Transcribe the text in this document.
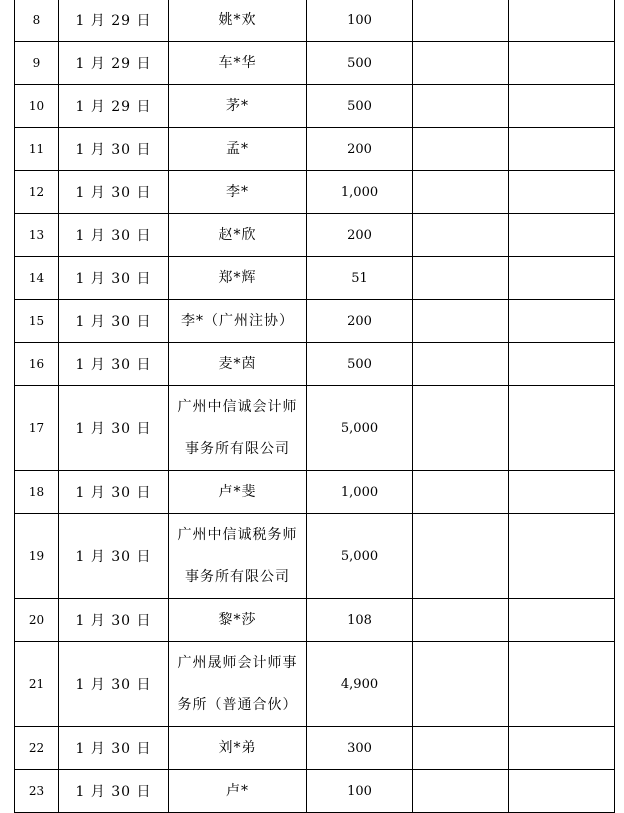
8	1 月 29 日	姚*欢	100		
9	1 月 29 日	车*华	500		
10	1 月 29 日	茅*	500		
11	1 月 30 日	孟*	200		
12	1 月 30 日	李*	1,000		
13	1 月 30 日	赵*欣	200		
14	1 月 30 日	郑*辉	51		
15	1 月 30 日	李*（广州注协）	200		
16	1 月 30 日	麦*茵	500		
17	1 月 30 日	广州中信诚会计师
事务所有限公司	5,000		
18	1 月 30 日	卢*斐	1,000		
19	1 月 30 日	广州中信诚税务师
事务所有限公司	5,000		
20	1 月 30 日	黎*莎	108		
21	1 月 30 日	广州晟师会计师事
务所（普通合伙）	4,900		
22	1 月 30 日	刘*弟	300		
23	1 月 30 日	卢*	100		
